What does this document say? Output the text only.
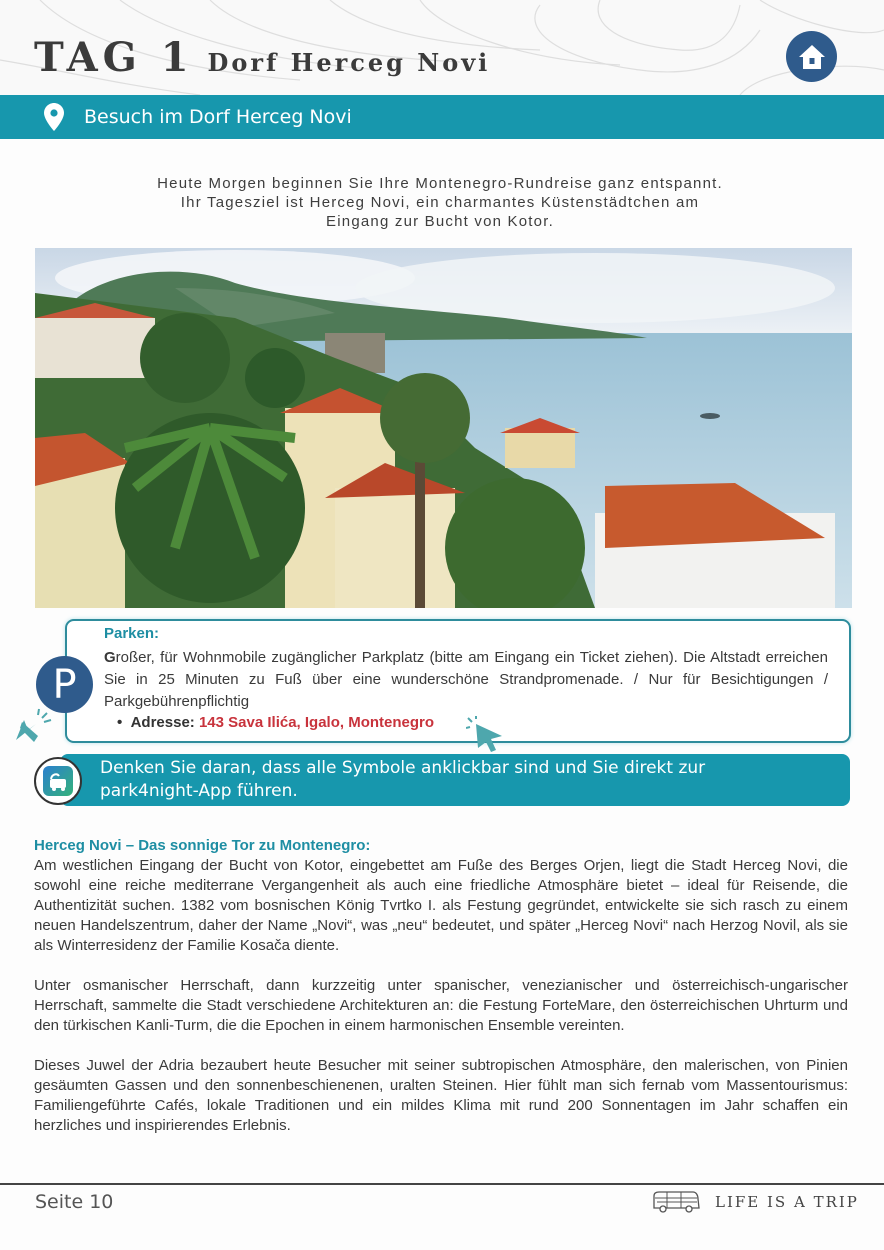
TAG 1 Dorf Herceg Novi
Besuch im Dorf Herceg Novi
Heute Morgen beginnen Sie Ihre Montenegro-Rundreise ganz entspannt.
Ihr Tagesziel ist Herceg Novi, ein charmantes Küstenstädtchen am
Eingang zur Bucht von Kotor.
Parken:
Großer, für Wohnmobile zugänglicher Parkplatz (bitte am Eingang ein Ticket ziehen). Die Altstadt erreichen Sie in 25 Minuten zu Fuß über eine wunderschöne Strandpromenade. / Nur für Besichtigungen / Parkgebührenpflichtig
•  Adresse: 143 Sava Ilića, Igalo, Montenegro
P
Denken Sie daran, dass alle Symbole anklickbar sind und Sie direkt zur
park4night-App führen.
Herceg Novi – Das sonnige Tor zu Montenegro:

Am westlichen Eingang der Bucht von Kotor, eingebettet am Fuße des Berges Orjen, liegt die Stadt Herceg Novi, die sowohl eine reiche mediterrane Vergangenheit als auch eine friedliche Atmosphäre bietet – ideal für Reisende, die Authentizität suchen. 1382 vom bosnischen König Tvrtko I. als Festung gegründet, entwickelte sie sich rasch zu einem neuen Handelszentrum, daher der Name „Novi“, was „neu“ bedeutet, und später „Herceg Novi“ nach Herzog Novil, als sie als Winterresidenz der Familie Kosača diente.

Unter osmanischer Herrschaft, dann kurzzeitig unter spanischer, venezianischer und österreichisch-ungarischer Herrschaft, sammelte die Stadt verschiedene Architekturen an: die Festung ForteMare, den österreichischen Uhrturm und den türkischen Kanli-Turm, die die Epochen in einem harmonischen Ensemble vereinten.

Dieses Juwel der Adria bezaubert heute Besucher mit seiner subtropischen Atmosphäre, den malerischen, von Pinien gesäumten Gassen und den sonnenbeschienenen, uralten Steinen. Hier fühlt man sich fernab vom Massentourismus: Familiengeführte Cafés, lokale Traditionen und ein mildes Klima mit rund 200 Sonnentagen im Jahr schaffen ein herzliches und inspirierendes Erlebnis.

Seite 10	LIFE IS A TRIP
